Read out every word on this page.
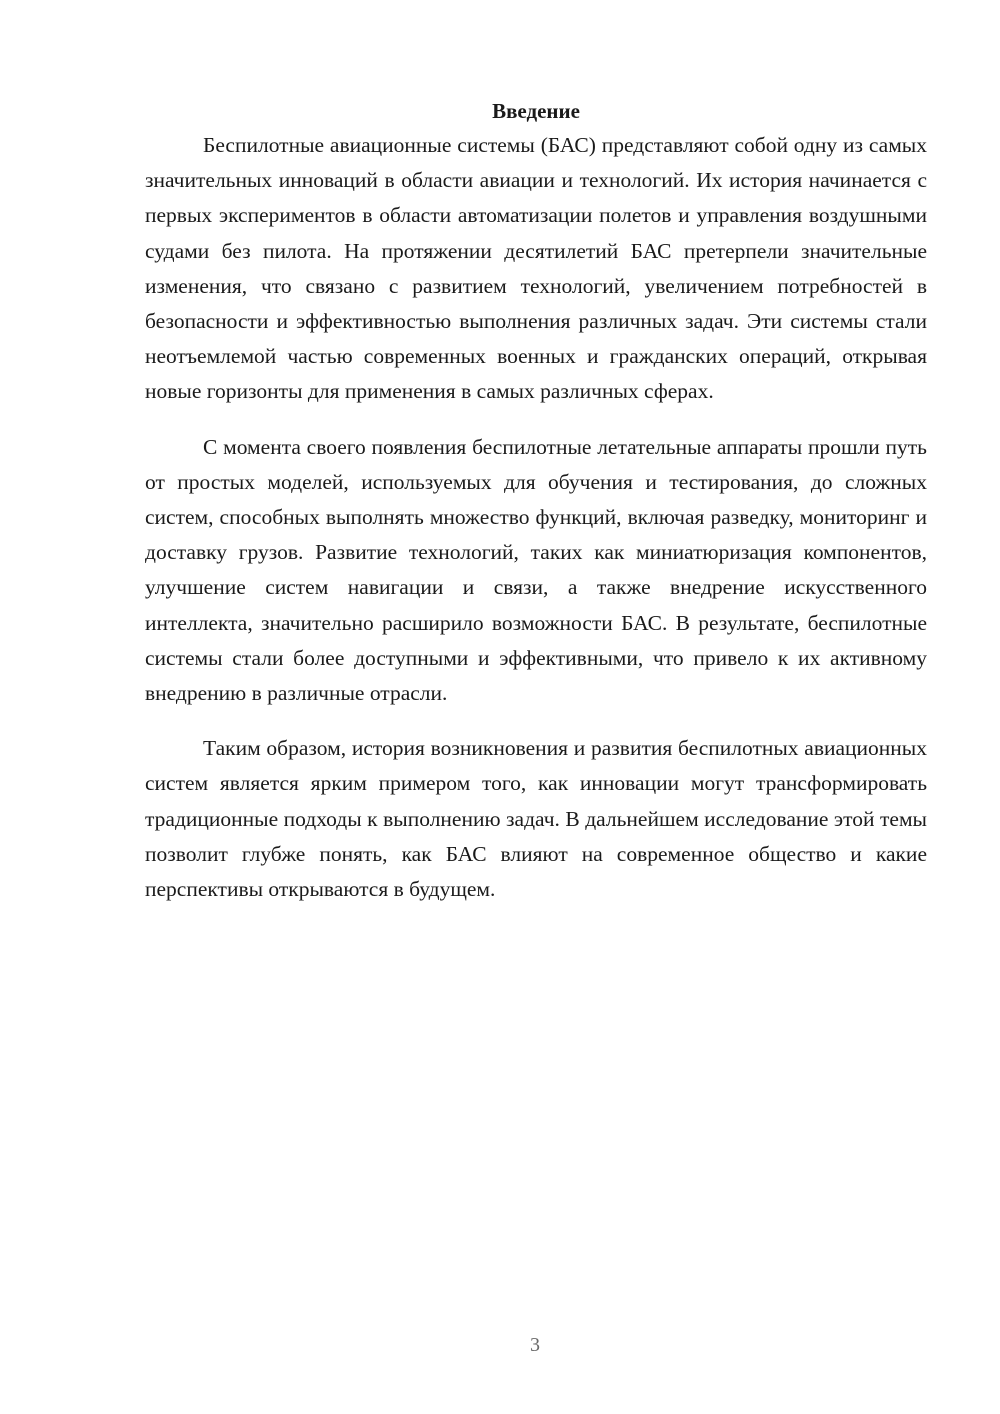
Введение

Беспилотные авиационные системы (БАС) представляют собой одну из самых значительных инноваций в области авиации и технологий. Их история начинается с первых экспериментов в области автоматизации полетов и управления воздушными судами без пилота. На протяжении десятилетий БАС претерпели значительные изменения, что связано с развитием технологий, увеличением потребностей в безопасности и эффективностью выполнения различных задач. Эти системы стали неотъемлемой частью современных военных и гражданских операций, открывая новые горизонты для применения в самых различных сферах.

С момента своего появления беспилотные летательные аппараты прошли путь от простых моделей, используемых для обучения и тестирования, до сложных систем, способных выполнять множество функций, включая разведку, мониторинг и доставку грузов. Развитие технологий, таких как миниатюризация компонентов, улучшение систем навигации и связи, а также внедрение искусственного интеллекта, значительно расширило возможности БАС. В результате, беспилотные системы стали более доступными и эффективными, что привело к их активному внедрению в различные отрасли.

Таким образом, история возникновения и развития беспилотных авиационных систем является ярким примером того, как инновации могут трансформировать традиционные подходы к выполнению задач. В дальнейшем исследование этой темы позволит глубже понять, как БАС влияют на современное общество и какие перспективы открываются в будущем.

3
